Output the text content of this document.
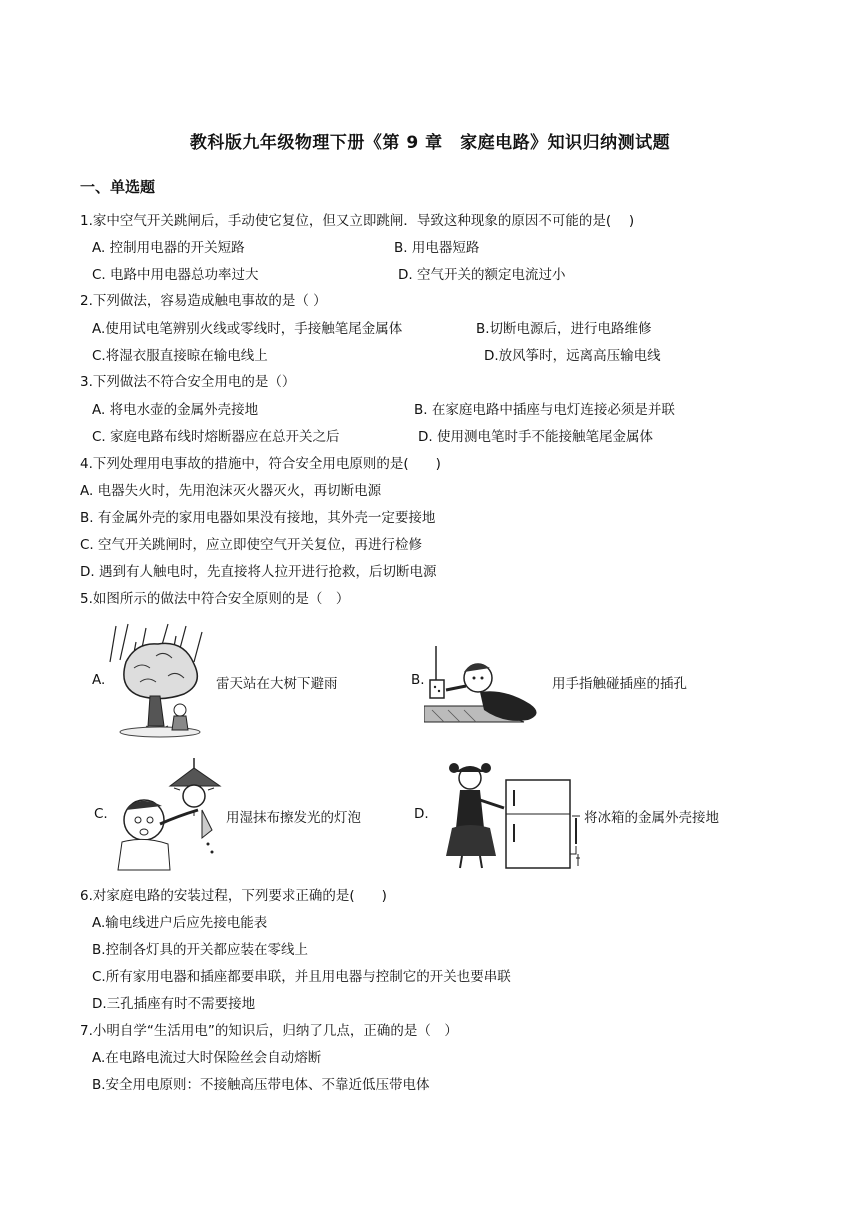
教科版九年级物理下册《第 9 章　家庭电路》知识归纳测试题
一、单选题
1.家中空气开关跳闸后，手动使它复位，但又立即跳闸．导致这种现象的原因不可能的是(　 )
A. 控制用电器的开关短路	B. 用电器短路
C. 电路中用电器总功率过大	D. 空气开关的额定电流过小
2.下列做法，容易造成触电事故的是（ ）
A.使用试电笔辨别火线或零线时，手接触笔尾金属体	B.切断电源后，进行电路维修
C.将湿衣服直接晾在输电线上	D.放风筝时，远离高压输电线
3.下列做法不符合安全用电的是（）
A. 将电水壶的金属外壳接地	B. 在家庭电路中插座与电灯连接必须是并联
C. 家庭电路布线时熔断器应在总开关之后	D. 使用测电笔时手不能接触笔尾金属体
4.下列处理用电事故的措施中，符合安全用电原则的是(　　)
A. 电器失火时，先用泡沫灭火器灭火，再切断电源
B. 有金属外壳的家用电器如果没有接地，其外壳一定要接地
C. 空气开关跳闸时，应立即使空气开关复位，再进行检修
D. 遇到有人触电时，先直接将人拉开进行抢救，后切断电源
5.如图所示的做法中符合安全原则的是（　）
A.	雷天站在大树下避雨	B.	用手指触碰插座的插孔
C.	用湿抹布擦发光的灯泡	D.	将冰箱的金属外壳接地
6.对家庭电路的安装过程，下列要求正确的是(　　)
A.输电线进户后应先接电能表
B.控制各灯具的开关都应装在零线上
C.所有家用电器和插座都要串联，并且用电器与控制它的开关也要串联
D.三孔插座有时不需要接地
7.小明自学“生活用电”的知识后，归纳了几点，正确的是（　）
A.在电路电流过大时保险丝会自动熔断
B.安全用电原则：不接触高压带电体、不靠近低压带电体
